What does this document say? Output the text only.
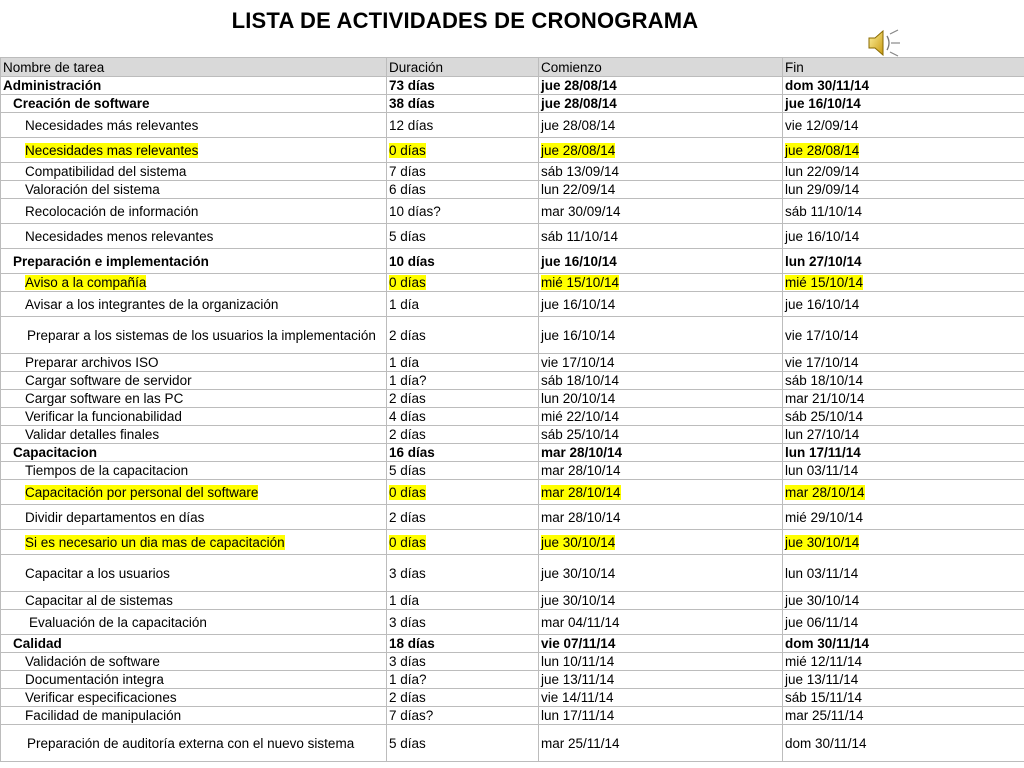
LISTA DE ACTIVIDADES DE CRONOGRAMA
Nombre de tarea	Duración	Comienzo	Fin
Administración	73 días	jue 28/08/14	dom 30/11/14
Creación de software	38 días	jue 28/08/14	jue 16/10/14
Necesidades más relevantes	12 días	jue 28/08/14	vie 12/09/14
Necesidades mas relevantes	0 días	jue 28/08/14	jue 28/08/14
Compatibilidad del sistema	7 días	sáb 13/09/14	lun 22/09/14
Valoración del sistema	6 días	lun 22/09/14	lun 29/09/14
Recolocación de información	10 días?	mar 30/09/14	sáb 11/10/14
Necesidades menos relevantes	5 días	sáb 11/10/14	jue 16/10/14
Preparación e implementación	10 días	jue 16/10/14	lun 27/10/14
Aviso a la compañía	0 días	mié 15/10/14	mié 15/10/14
Avisar a los integrantes de la organización	1 día	jue 16/10/14	jue 16/10/14
Preparar a los sistemas de los usuarios la implementación	2 días	jue 16/10/14	vie 17/10/14
Preparar archivos ISO	1 día	vie 17/10/14	vie 17/10/14
Cargar software de servidor	1 día?	sáb 18/10/14	sáb 18/10/14
Cargar software en las PC	2 días	lun 20/10/14	mar 21/10/14
Verificar la funcionabilidad	4 días	mié 22/10/14	sáb 25/10/14
Validar detalles finales	2 días	sáb 25/10/14	lun 27/10/14
Capacitacion	16 días	mar 28/10/14	lun 17/11/14
Tiempos de la capacitacion	5 días	mar 28/10/14	lun 03/11/14
Capacitación por personal del software	0 días	mar 28/10/14	mar 28/10/14
Dividir departamentos en días	2 días	mar 28/10/14	mié 29/10/14
Si es necesario un dia mas de capacitación	0 días	jue 30/10/14	jue 30/10/14
Capacitar a los usuarios	3 días	jue 30/10/14	lun 03/11/14
Capacitar al de sistemas	1 día	jue 30/10/14	jue 30/10/14
Evaluación de la capacitación	3 días	mar 04/11/14	jue 06/11/14
Calidad	18 días	vie 07/11/14	dom 30/11/14
Validación de software	3 días	lun 10/11/14	mié 12/11/14
Documentación integra	1 día?	jue 13/11/14	jue 13/11/14
Verificar especificaciones	2 días	vie 14/11/14	sáb 15/11/14
Facilidad de manipulación	7 días?	lun 17/11/14	mar 25/11/14
Preparación de auditoría externa con el nuevo sistema	5 días	mar 25/11/14	dom 30/11/14
